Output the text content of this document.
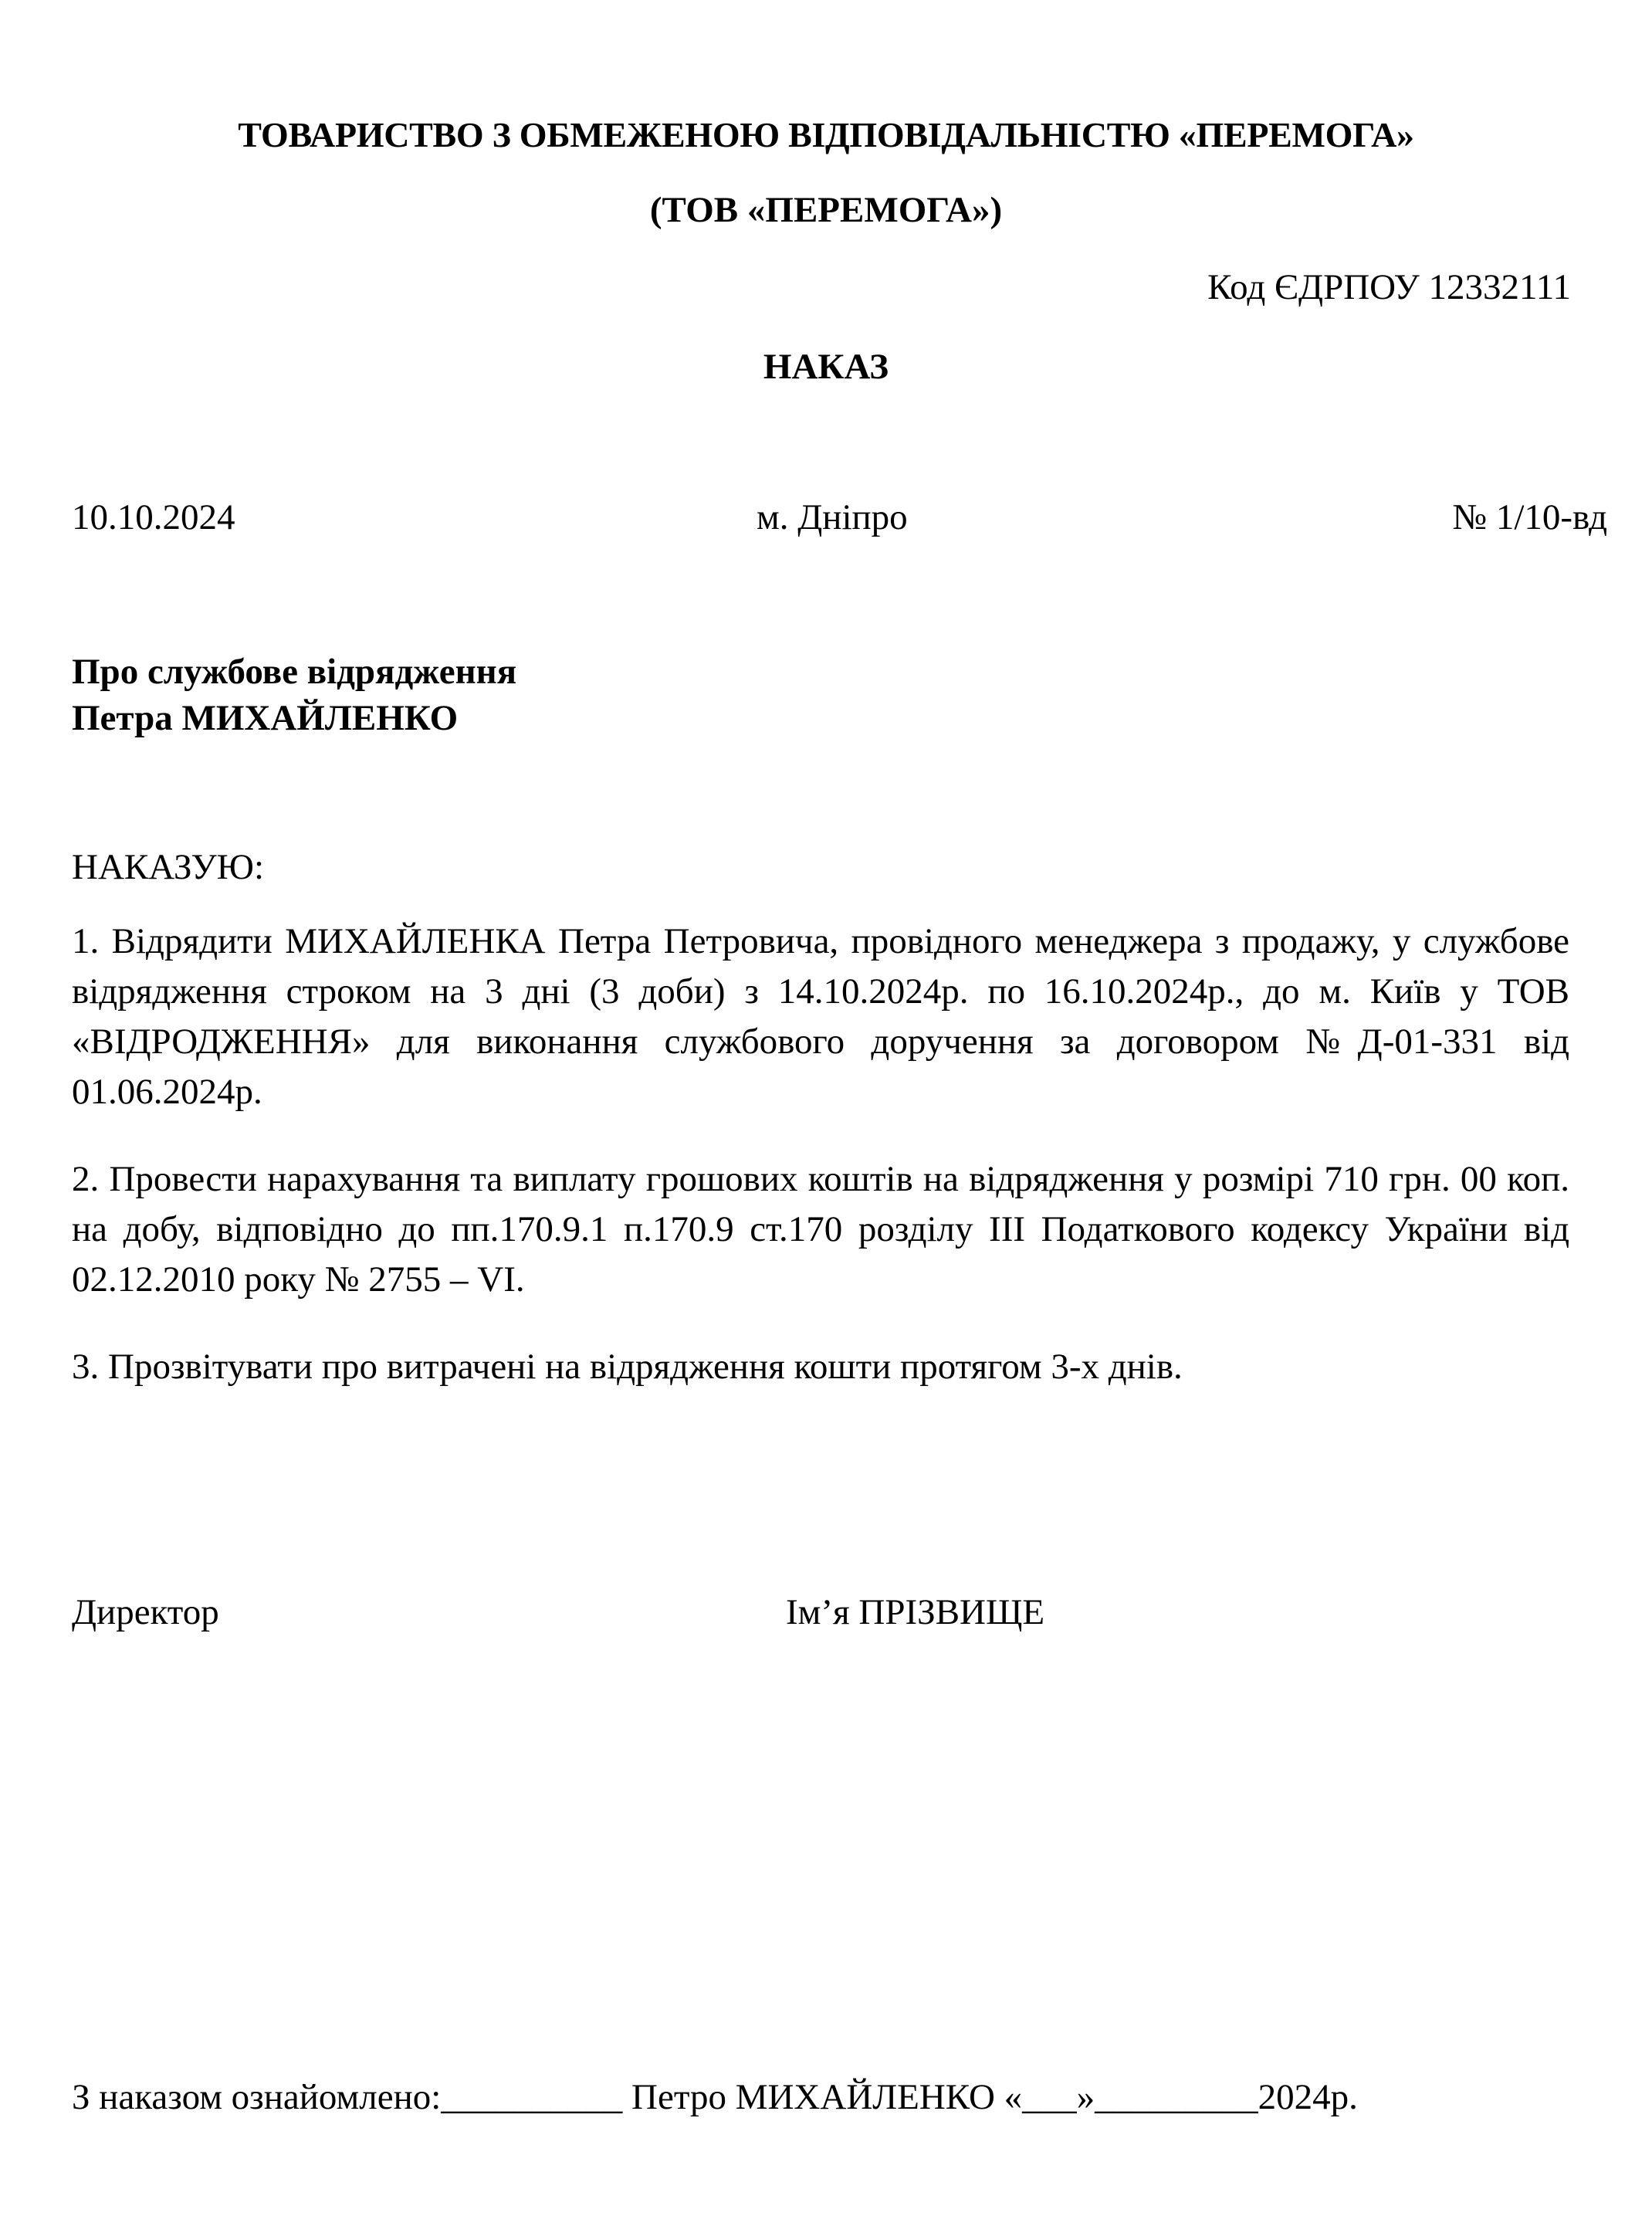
ТОВАРИСТВО З ОБМЕЖЕНОЮ ВІДПОВІДАЛЬНІСТЮ «ПЕРЕМОГА»
(ТОВ «ПЕРЕМОГА»)
Код ЄДРПОУ 12332111
НАКАЗ
10.10.2024	м. Дніпро	№ 1/10-вд
Про службове відрядження
Петра МИХАЙЛЕНКО
НАКАЗУЮ:
1. Відрядити МИХАЙЛЕНКА Петра Петровича, провідного менеджера з продажу, у службове відрядження строком на 3 дні (3 доби) з 14.10.2024р. по 16.10.2024р., до м. Київ у ТОВ «ВІДРОДЖЕННЯ» для виконання службового доручення за договором №Д-01-331 від 01.06.2024р.
2. Провести нарахування та виплату грошових коштів на відрядження у розмірі 710 грн. 00 коп. на добу, відповідно до пп.170.9.1 п.170.9 ст.170 розділу ІІІ Податкового кодексу України від 02.12.2010 року № 2755 – VI.
3. Прозвітувати про витрачені на відрядження кошти протягом 3-х днів.
Директор	Ім’я ПРІЗВИЩЕ
З наказом ознайомлено:__________ Петро МИХАЙЛЕНКО «___»_________2024р.
